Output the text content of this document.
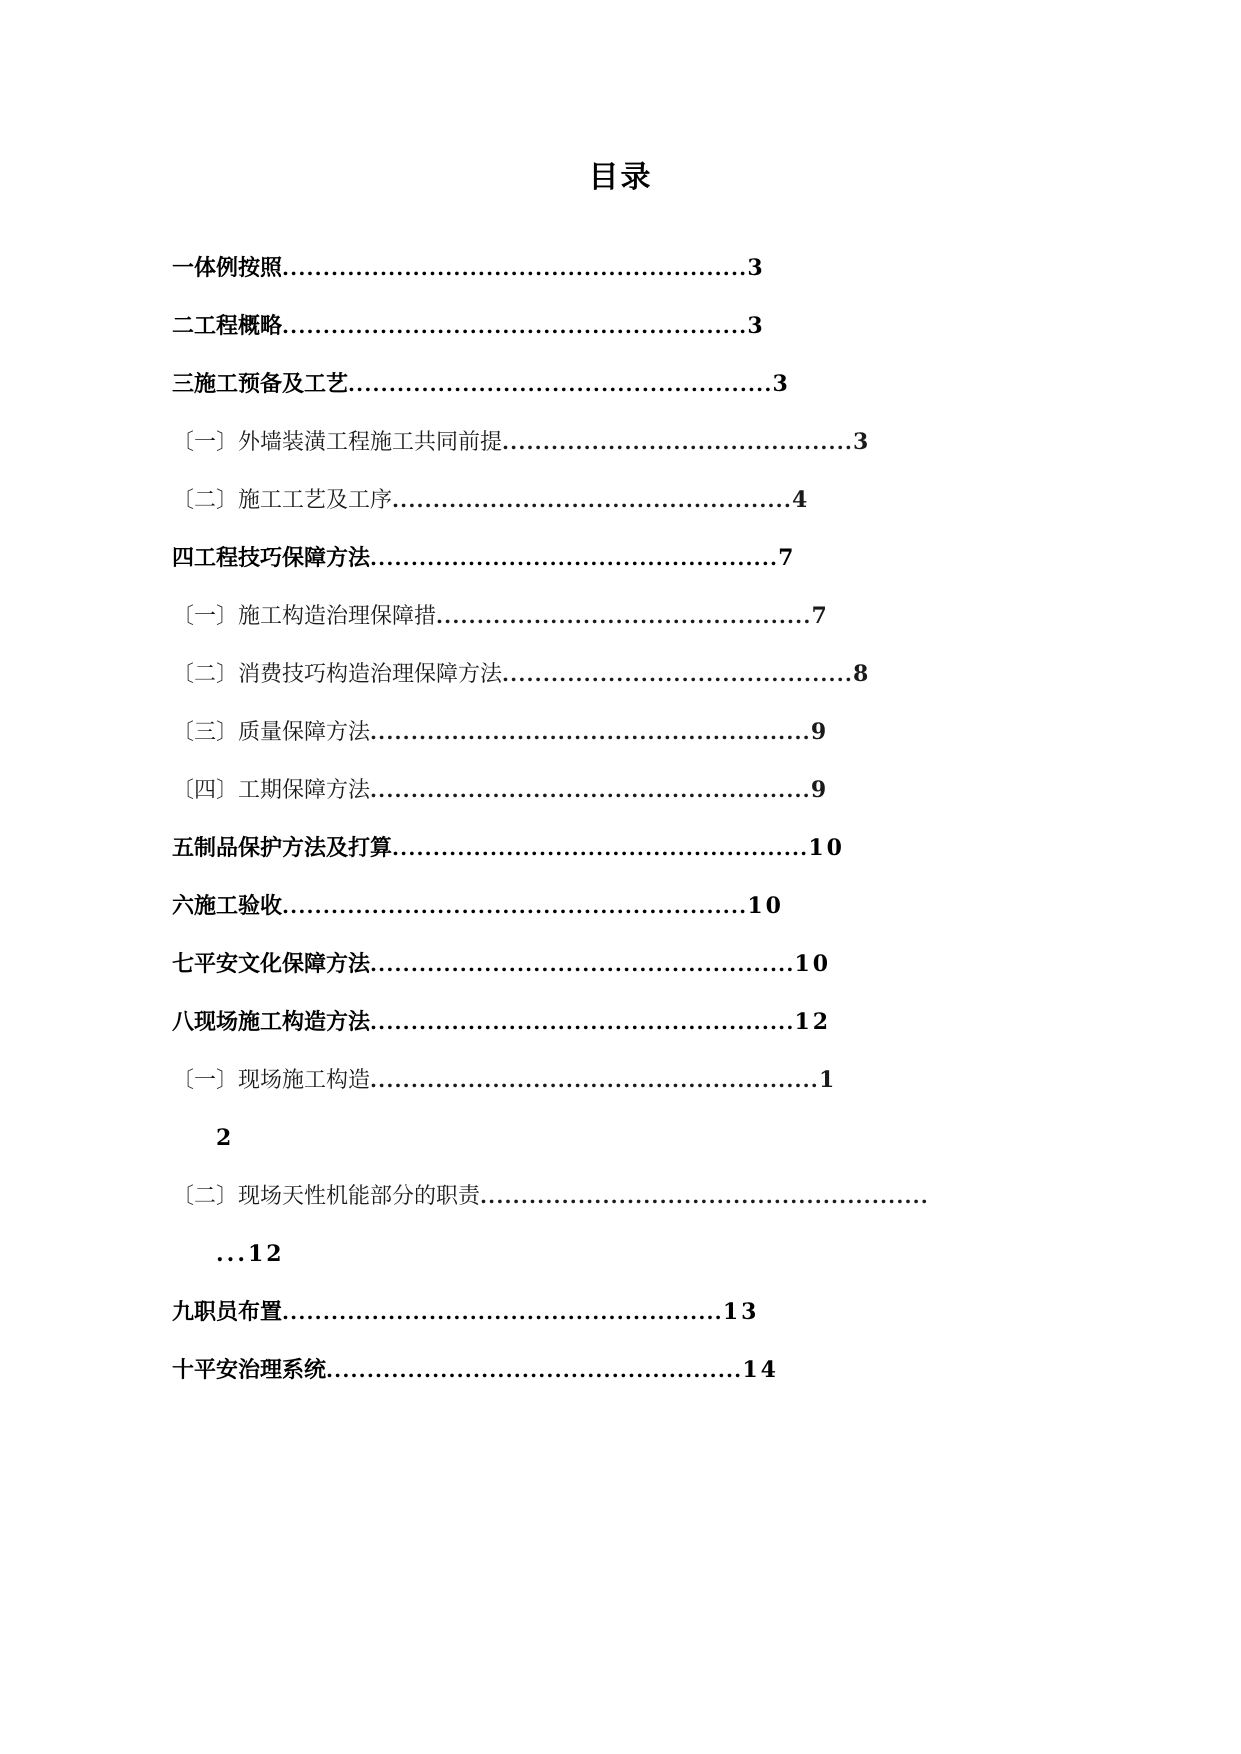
目录
一体例按照.........................................................3
二工程概略.........................................................3
三施工预备及工艺....................................................3
〔一〕外墙装潢工程施工共同前提...........................................3
〔二〕施工工艺及工序.................................................4
四工程技巧保障方法..................................................7
〔一〕施工构造治理保障措..............................................7
〔二〕消费技巧构造治理保障方法...........................................8
〔三〕质量保障方法......................................................9
〔四〕工期保障方法......................................................9
五制品保护方法及打算...................................................10
六施工验收.........................................................10
七平安文化保障方法....................................................10
八现场施工构造方法....................................................12
〔一〕现场施工构造.......................................................1
2
〔二〕现场天性机能部分的职责.......................................................
...12
九职员布置......................................................13
十平安治理系统...................................................14
